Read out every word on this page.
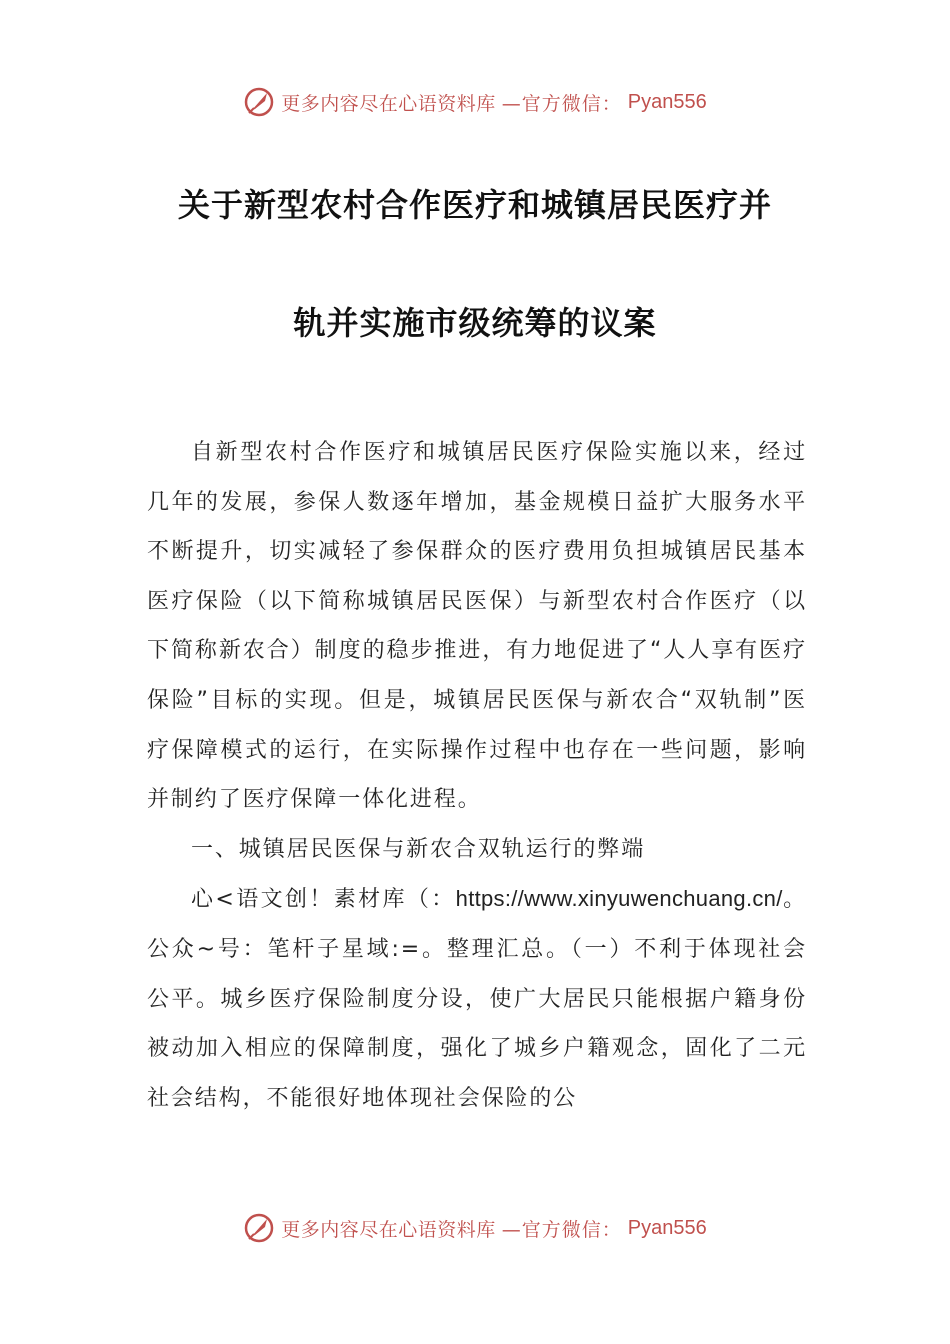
更多内容尽在心语资料库 —官方微信： Pyan556
关于新型农村合作医疗和城镇居民医疗并
轨并实施市级统筹的议案

自新型农村合作医疗和城镇居民医疗保险实施以来，经过几年的发展，参保人数逐年增加，基金规模日益扩大服务水平不断提升，切实减轻了参保群众的医疗费用负担城镇居民基本医疗保险（以下简称城镇居民医保）与新型农村合作医疗（以下简称新农合）制度的稳步推进，有力地促进了“人人享有医疗保险”目标的实现。但是，城镇居民医保与新农合“双轨制”医疗保障模式的运行，在实际操作过程中也存在一些问题，影响并制约了医疗保障一体化进程。

一、城镇居民医保与新农合双轨运行的弊端

心<语文创！素材库（：https://www.xinyuwenchuang.cn/。公众~号：笔杆子星域:=。整理汇总。（一）不利于体现社会公平。城乡医疗保险制度分设，使广大居民只能根据户籍身份被动加入相应的保障制度，强化了城乡户籍观念，固化了二元社会结构，不能很好地体现社会保险的公

更多内容尽在心语资料库 —官方微信： Pyan556
